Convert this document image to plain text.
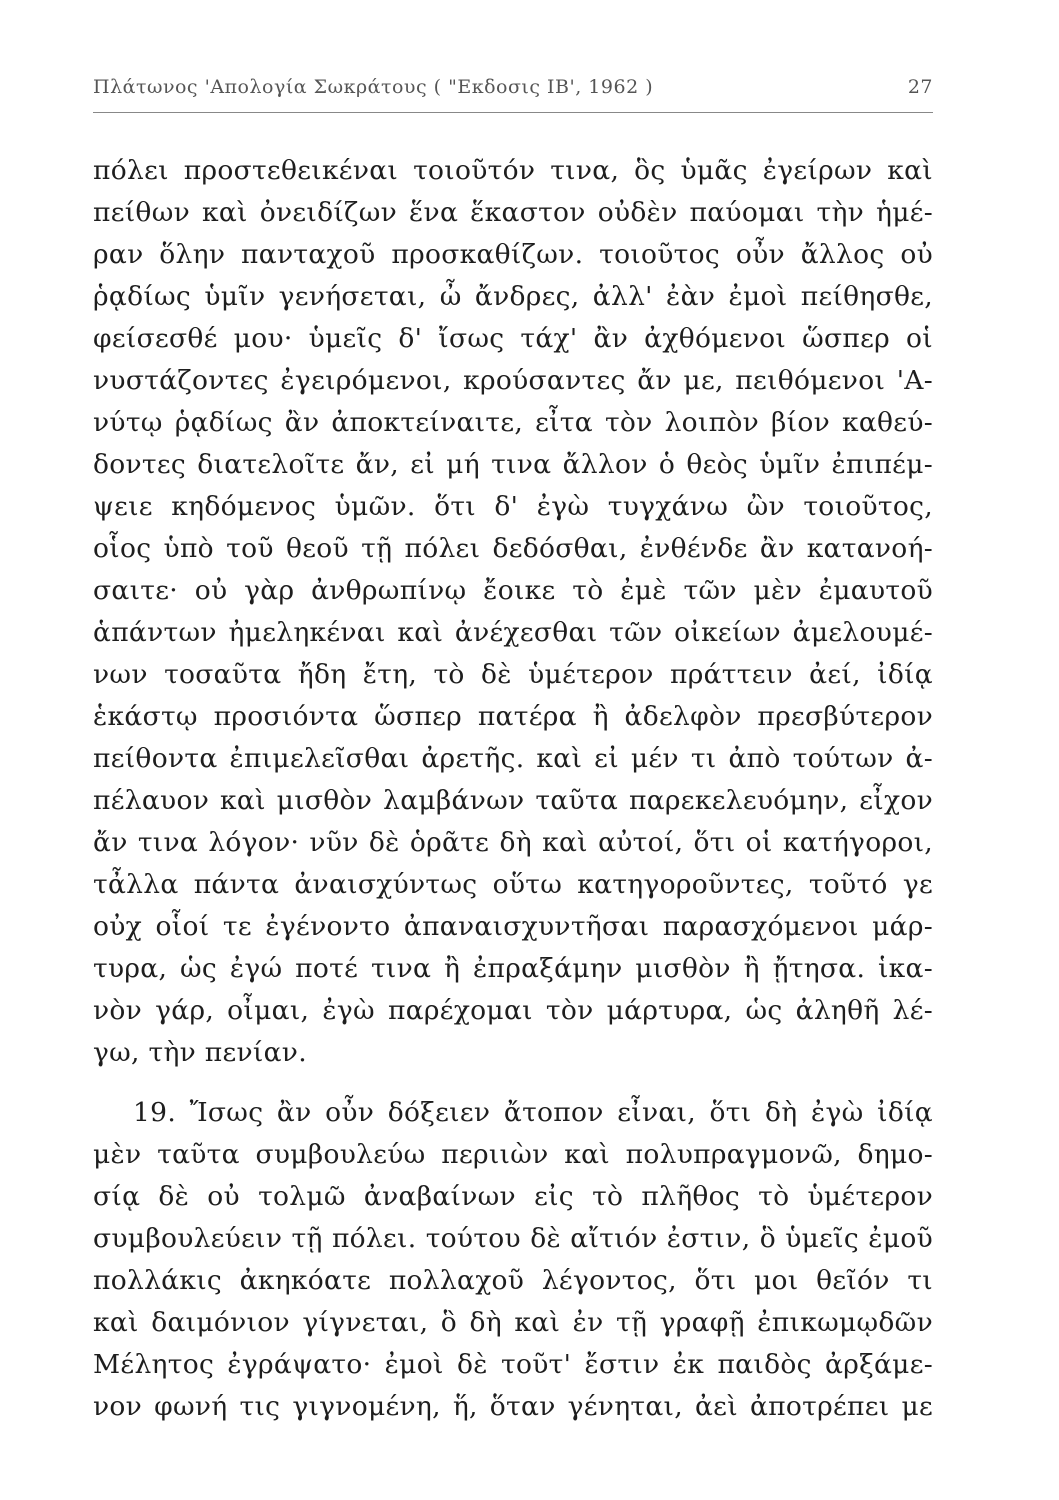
Πλάτωνος 'Απολογία Σωκράτους ( "Εκδοσις ΙΒ', 1962 )	27
πόλει προστεθεικέναι τοιοῦτόν τινα, ὃς ὑμᾶς ἐγείρων καὶ
πείθων καὶ ὀνειδίζων ἕνα ἕκαστον οὐδὲν παύομαι τὴν ἡμέ-
ραν ὅλην πανταχοῦ προσκαθίζων. τοιοῦτος οὖν ἄλλος οὐ
ῥᾳδίως ὑμῖν γενήσεται, ὦ ἄνδρες, ἀλλ' ἐὰν ἐμοὶ πείθησθε,
φείσεσθέ μου· ὑμεῖς δ' ἴσως τάχ' ἂν ἀχθόμενοι ὥσπερ οἱ
νυστάζοντες ἐγειρόμενοι, κρούσαντες ἄν με, πειθόμενοι 'Α-
νύτῳ ῥᾳδίως ἂν ἀποκτείναιτε, εἶτα τὸν λοιπὸν βίον καθεύ-
δοντες διατελοῖτε ἄν, εἰ μή τινα ἄλλον ὁ θεὸς ὑμῖν ἐπιπέμ-
ψειε κηδόμενος ὑμῶν. ὅτι δ' ἐγὼ τυγχάνω ὢν τοιοῦτος,
οἷος ὑπὸ τοῦ θεοῦ τῇ πόλει δεδόσθαι, ἐνθένδε ἂν κατανοή-
σαιτε· οὐ γὰρ ἀνθρωπίνῳ ἔοικε τὸ ἐμὲ τῶν μὲν ἐμαυτοῦ
ἁπάντων ἠμεληκέναι καὶ ἀνέχεσθαι τῶν οἰκείων ἀμελουμέ-
νων τοσαῦτα ἤδη ἔτη, τὸ δὲ ὑμέτερον πράττειν ἀεί, ἰδίᾳ
ἑκάστῳ προσιόντα ὥσπερ πατέρα ἢ ἀδελφὸν πρεσβύτερον
πείθοντα ἐπιμελεῖσθαι ἀρετῆς. καὶ εἰ μέν τι ἀπὸ τούτων ἀ-
πέλαυον καὶ μισθὸν λαμβάνων ταῦτα παρεκελευόμην, εἶχον
ἄν τινα λόγον· νῦν δὲ ὁρᾶτε δὴ καὶ αὐτοί, ὅτι οἱ κατήγοροι,
τἆλλα πάντα ἀναισχύντως οὕτω κατηγοροῦντες, τοῦτό γε
οὐχ οἷοί τε ἐγένοντο ἀπαναισχυντῆσαι παρασχόμενοι μάρ-
τυρα, ὡς ἐγώ ποτέ τινα ἢ ἐπραξάμην μισθὸν ἢ ᾔτησα. ἱκα-
νὸν γάρ, οἶμαι, ἐγὼ παρέχομαι τὸν μάρτυρα, ὡς ἀληθῆ λέ-
γω, τὴν πενίαν.
19. Ἴσως ἂν οὖν δόξειεν ἄτοπον εἶναι, ὅτι δὴ ἐγὼ ἰδίᾳ
μὲν ταῦτα συμβουλεύω περιιὼν καὶ πολυπραγμονῶ, δημο-
σίᾳ δὲ οὐ τολμῶ ἀναβαίνων εἰς τὸ πλῆθος τὸ ὑμέτερον
συμβουλεύειν τῇ πόλει. τούτου δὲ αἴτιόν ἐστιν, ὃ ὑμεῖς ἐμοῦ
πολλάκις ἀκηκόατε πολλαχοῦ λέγοντος, ὅτι μοι θεῖόν τι
καὶ δαιμόνιον γίγνεται, ὃ δὴ καὶ ἐν τῇ γραφῇ ἐπικωμῳδῶν
Μέλητος ἐγράψατο· ἐμοὶ δὲ τοῦτ' ἔστιν ἐκ παιδὸς ἀρξάμε-
νον φωνή τις γιγνομένη, ἥ, ὅταν γένηται, ἀεὶ ἀποτρέπει με
